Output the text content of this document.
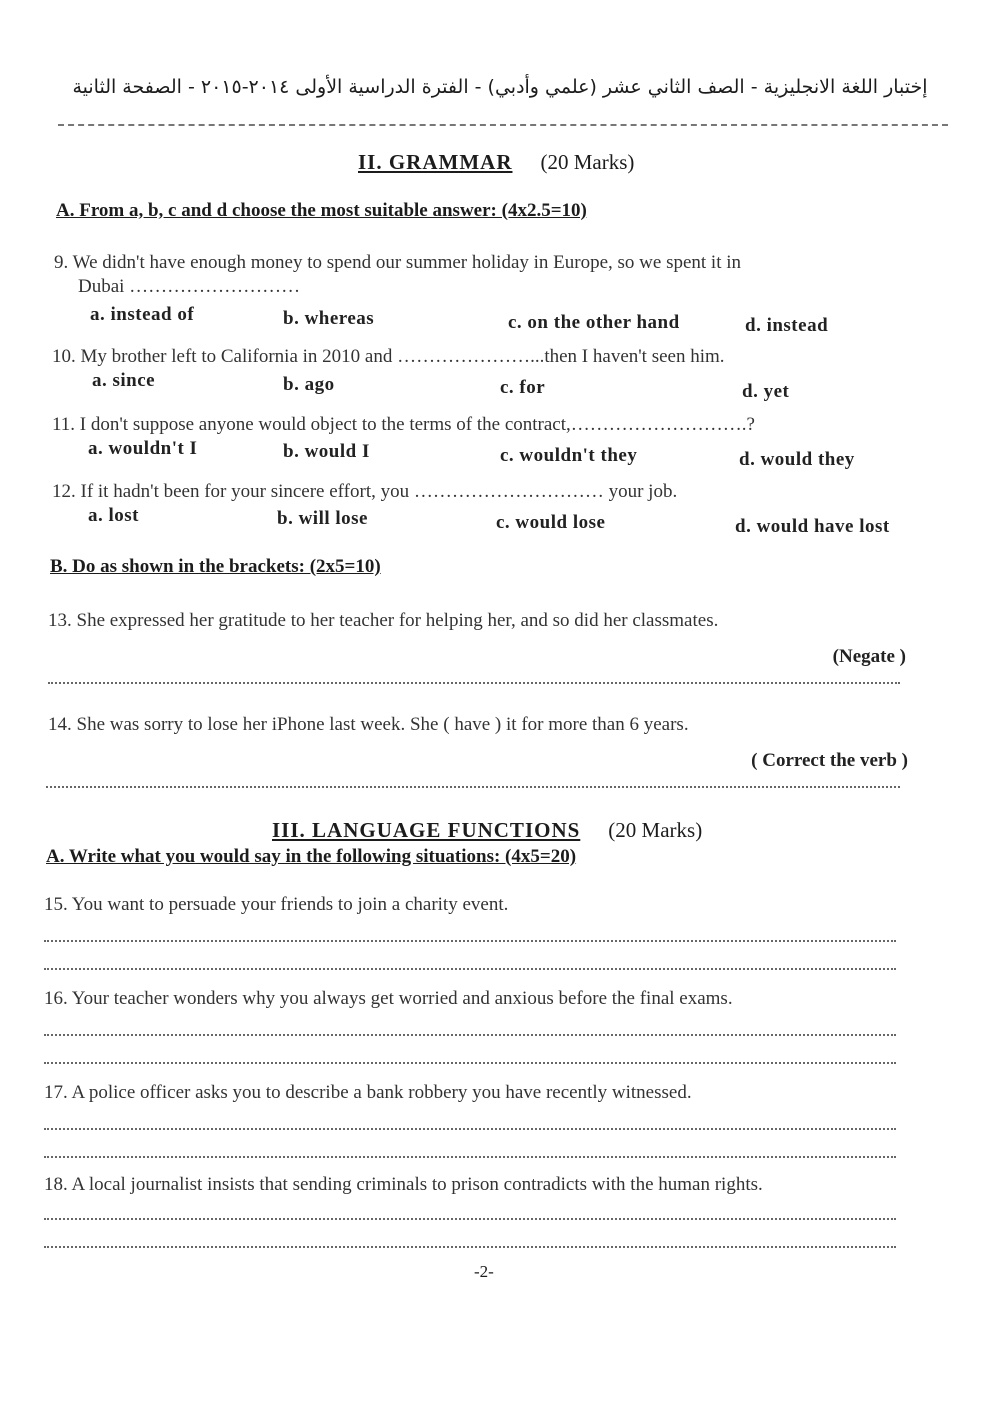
إختبار اللغة الانجليزية - الصف الثاني عشر (علمي وأدبي) - الفترة الدراسية الأولى ٢٠١٤-٢٠١٥ - الصفحة الثانية
II. GRAMMAR (20 Marks)
A. From a, b, c and d choose the most suitable answer: (4x2.5=10)
9. We didn't have enough money to spend our summer holiday in Europe, so we spent it in
Dubai ………………………
a. instead of	b. whereas	c. on the other hand	d. instead
10. My brother left to California in 2010 and …………………...then I haven't seen him.
a. since	b. ago	c. for	d. yet
11. I don't suppose anyone would object to the terms of the contract,……………………….?
a. wouldn't I	b. would I	c. wouldn't they	d. would they
12. If it hadn't been for your sincere effort, you ………………………… your job.
a. lost	b. will lose	c. would lose	d. would have lost
B. Do as shown in the brackets: (2x5=10)
13. She expressed her gratitude to her teacher for helping her, and so did her classmates.
(Negate )
14. She was sorry to lose her iPhone last week. She ( have ) it for more than 6 years.
( Correct the verb )
III. LANGUAGE FUNCTIONS (20 Marks)
A. Write what you would say in the following situations: (4x5=20)
15. You want to persuade your friends to join a charity event.
16. Your teacher wonders why you always get worried and anxious before the final exams.
17. A police officer asks you to describe a bank robbery you have recently witnessed.
18. A local journalist insists that sending criminals to prison contradicts with the human rights.
-2-
